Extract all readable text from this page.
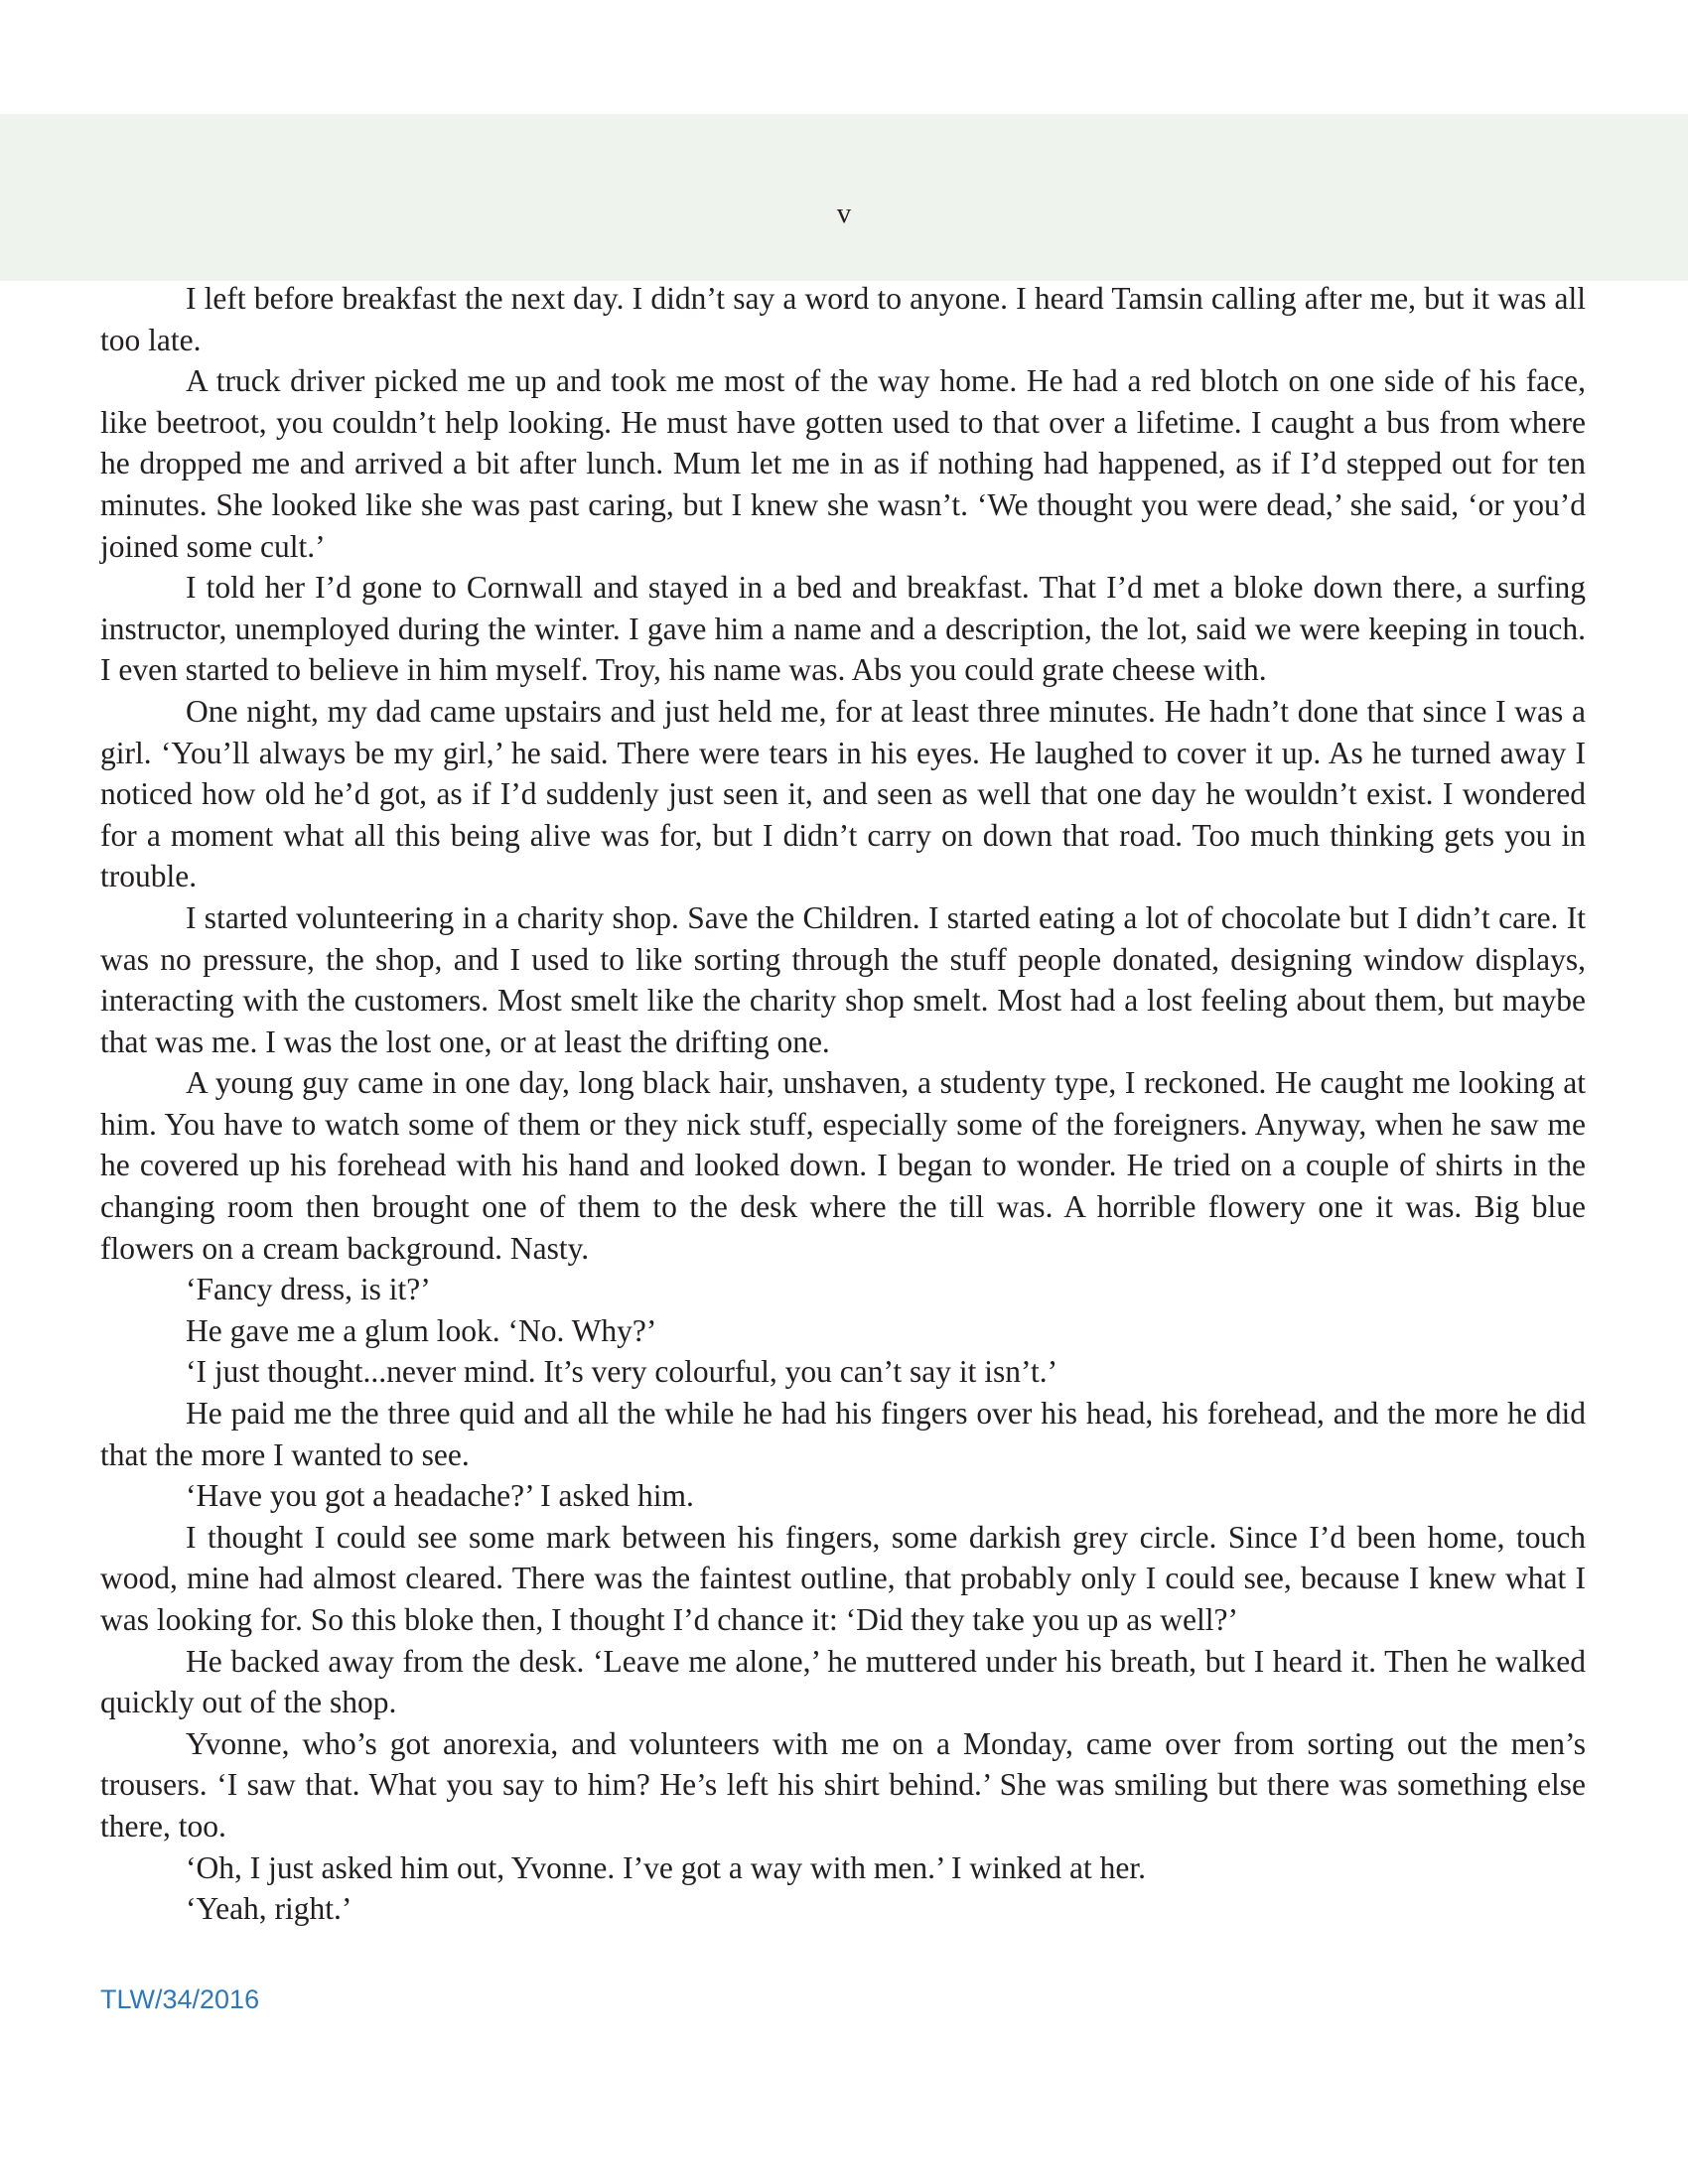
v

I left before breakfast the next day. I didn’t say a word to anyone. I heard Tamsin calling after me, but it was all too late.

A truck driver picked me up and took me most of the way home. He had a red blotch on one side of his face, like beetroot, you couldn’t help looking. He must have gotten used to that over a lifetime. I caught a bus from where he dropped me and arrived a bit after lunch. Mum let me in as if nothing had happened, as if I’d stepped out for ten minutes. She looked like she was past caring, but I knew she wasn’t. ‘We thought you were dead,’ she said, ‘or you’d joined some cult.’

I told her I’d gone to Cornwall and stayed in a bed and breakfast. That I’d met a bloke down there, a surfing instructor, unemployed during the winter. I gave him a name and a description, the lot, said we were keeping in touch. I even started to believe in him myself. Troy, his name was. Abs you could grate cheese with.

One night, my dad came upstairs and just held me, for at least three minutes. He hadn’t done that since I was a girl. ‘You’ll always be my girl,’ he said. There were tears in his eyes. He laughed to cover it up. As he turned away I noticed how old he’d got, as if I’d suddenly just seen it, and seen as well that one day he wouldn’t exist. I wondered for a moment what all this being alive was for, but I didn’t carry on down that road. Too much thinking gets you in trouble.

I started volunteering in a charity shop. Save the Children. I started eating a lot of chocolate but I didn’t care. It was no pressure, the shop, and I used to like sorting through the stuff people donated, designing window displays, interacting with the customers. Most smelt like the charity shop smelt. Most had a lost feeling about them, but maybe that was me. I was the lost one, or at least the drifting one.

A young guy came in one day, long black hair, unshaven, a studenty type, I reckoned. He caught me looking at him. You have to watch some of them or they nick stuff, especially some of the foreigners. Anyway, when he saw me he covered up his forehead with his hand and looked down. I began to wonder. He tried on a couple of shirts in the changing room then brought one of them to the desk where the till was. A horrible flowery one it was. Big blue flowers on a cream background. Nasty.

‘Fancy dress, is it?’

He gave me a glum look. ‘No. Why?’

‘I just thought...never mind. It’s very colourful, you can’t say it isn’t.’

He paid me the three quid and all the while he had his fingers over his head, his forehead, and the more he did that the more I wanted to see.

‘Have you got a headache?’ I asked him.

I thought I could see some mark between his fingers, some darkish grey circle. Since I’d been home, touch wood, mine had almost cleared. There was the faintest outline, that probably only I could see, because I knew what I was looking for. So this bloke then, I thought I’d chance it: ‘Did they take you up as well?’

He backed away from the desk. ‘Leave me alone,’ he muttered under his breath, but I heard it. Then he walked quickly out of the shop.

Yvonne, who’s got anorexia, and volunteers with me on a Monday, came over from sorting out the men’s trousers. ‘I saw that. What you say to him? He’s left his shirt behind.’ She was smiling but there was something else there, too.

‘Oh, I just asked him out, Yvonne. I’ve got a way with men.’ I winked at her.

‘Yeah, right.’

TLW/34/2016
